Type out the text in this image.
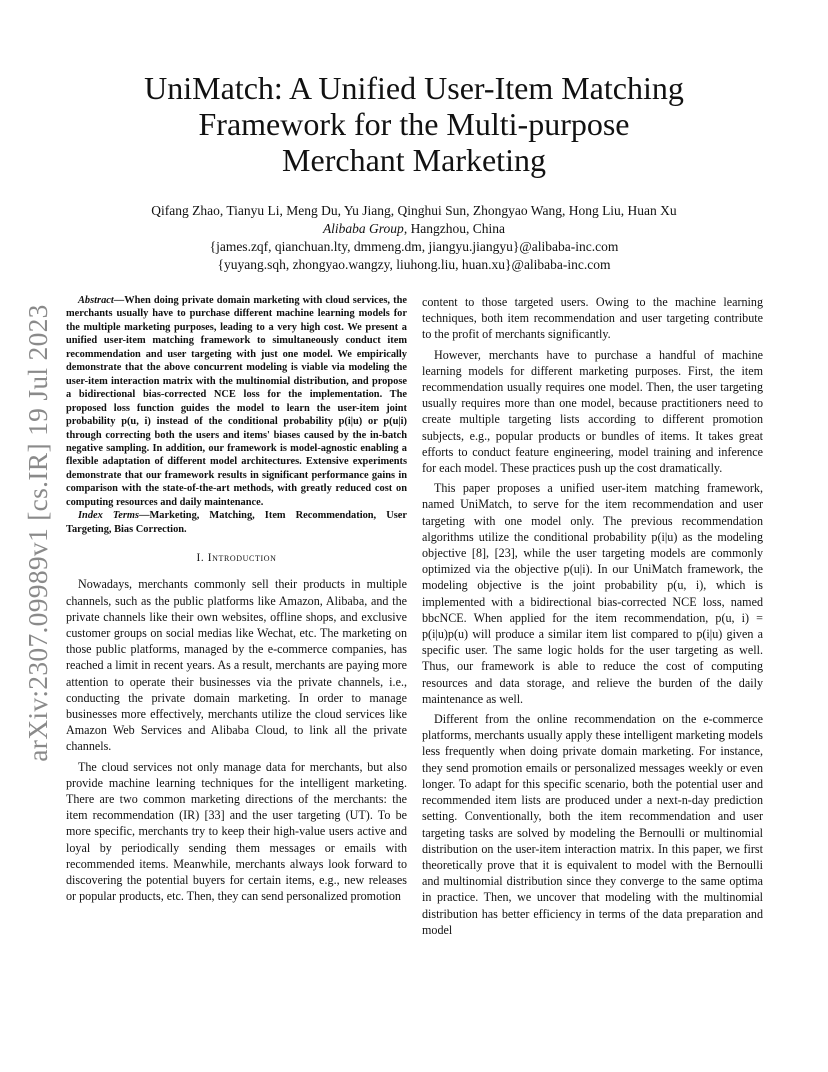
arXiv:2307.09989v1 [cs.IR] 19 Jul 2023
UniMatch: A Unified User-Item Matching
Framework for the Multi-purpose
Merchant Marketing
Qifang Zhao, Tianyu Li, Meng Du, Yu Jiang, Qinghui Sun, Zhongyao Wang, Hong Liu, Huan Xu
Alibaba Group, Hangzhou, China
{james.zqf, qianchuan.lty, dmmeng.dm, jiangyu.jiangyu}@alibaba-inc.com
{yuyang.sqh, zhongyao.wangzy, liuhong.liu, huan.xu}@alibaba-inc.com

Abstract—When doing private domain marketing with cloud services, the merchants usually have to purchase different machine learning models for the multiple marketing purposes, leading to a very high cost. We present a unified user-item matching framework to simultaneously conduct item recommendation and user targeting with just one model. We empirically demonstrate that the above concurrent modeling is viable via modeling the user-item interaction matrix with the multinomial distribution, and propose a bidirectional bias-corrected NCE loss for the implementation. The proposed loss function guides the model to learn the user-item joint probability p(u, i) instead of the conditional probability p(i|u) or p(u|i) through correcting both the users and items' biases caused by the in-batch negative sampling. In addition, our framework is model-agnostic enabling a flexible adaptation of different model architectures. Extensive experiments demonstrate that our framework results in significant performance gains in comparison with the state-of-the-art methods, with greatly reduced cost on computing resources and daily maintenance.

Index Terms—Marketing, Matching, Item Recommendation, User Targeting, Bias Correction.

I. Introduction

Nowadays, merchants commonly sell their products in multiple channels, such as the public platforms like Amazon, Alibaba, and the private channels like their own websites, offline shops, and exclusive customer groups on social medias like Wechat, etc. The marketing on those public platforms, managed by the e-commerce companies, has reached a limit in recent years. As a result, merchants are paying more attention to operate their businesses via the private channels, i.e., conducting the private domain marketing. In order to manage businesses more effectively, merchants utilize the cloud services like Amazon Web Services and Alibaba Cloud, to link all the private channels.

The cloud services not only manage data for merchants, but also provide machine learning techniques for the intelligent marketing. There are two common marketing directions of the merchants: the item recommendation (IR) [33] and the user targeting (UT). To be more specific, merchants try to keep their high-value users active and loyal by periodically sending them messages or emails with recommended items. Meanwhile, merchants always look forward to discovering the potential buyers for certain items, e.g., new releases or popular products, etc. Then, they can send personalized promotion

content to those targeted users. Owing to the machine learning techniques, both item recommendation and user targeting contribute to the profit of merchants significantly.

However, merchants have to purchase a handful of machine learning models for different marketing purposes. First, the item recommendation usually requires one model. Then, the user targeting usually requires more than one model, because practitioners need to create multiple targeting lists according to different promotion subjects, e.g., popular products or bundles of items. It takes great efforts to conduct feature engineering, model training and inference for each model. These practices push up the cost dramatically.

This paper proposes a unified user-item matching framework, named UniMatch, to serve for the item recommendation and user targeting with one model only. The previous recommendation algorithms utilize the conditional probability p(i|u) as the modeling objective [8], [23], while the user targeting models are commonly optimized via the objective p(u|i). In our UniMatch framework, the modeling objective is the joint probability p(u, i), which is implemented with a bidirectional bias-corrected NCE loss, named bbcNCE. When applied for the item recommendation, p(u, i) = p(i|u)p(u) will produce a similar item list compared to p(i|u) given a specific user. The same logic holds for the user targeting as well. Thus, our framework is able to reduce the cost of computing resources and data storage, and relieve the burden of the daily maintenance as well.

Different from the online recommendation on the e-commerce platforms, merchants usually apply these intelligent marketing models less frequently when doing private domain marketing. For instance, they send promotion emails or personalized messages weekly or even longer. To adapt for this specific scenario, both the potential user and recommended item lists are produced under a next-n-day prediction setting. Conventionally, both the item recommendation and user targeting tasks are solved by modeling the Bernoulli or multinomial distribution on the user-item interaction matrix. In this paper, we first theoretically prove that it is equivalent to model with the Bernoulli and multinomial distribution since they converge to the same optima in practice. Then, we uncover that modeling with the multinomial distribution has better efficiency in terms of the data preparation and model
